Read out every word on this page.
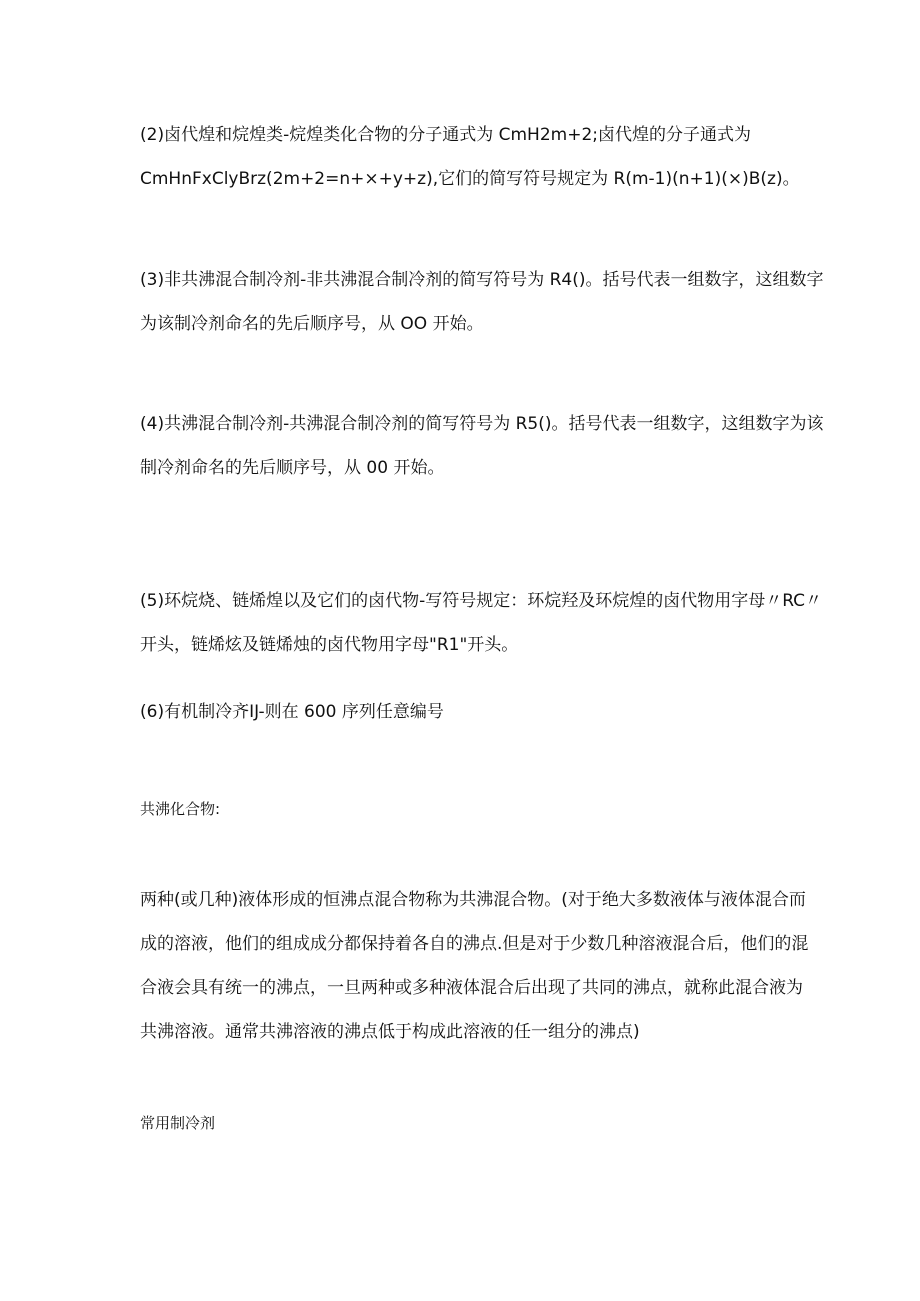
(2)卤代煌和烷煌类-烷煌类化合物的分子通式为 CmH2m+2;卤代煌的分子通式为
CmHnFxClyBrz(2m+2=n+×+y+z),它们的简写符号规定为 R(m-1)(n+1)(×)B(z)。

(3)非共沸混合制冷剂-非共沸混合制冷剂的简写符号为 R4()。括号代表一组数字，这组数字
为该制冷剂命名的先后顺序号，从 OO 开始。

(4)共沸混合制冷剂-共沸混合制冷剂的简写符号为 R5()。括号代表一组数字，这组数字为该
制冷剂命名的先后顺序号，从 00 开始。

(5)环烷烧、链烯煌以及它们的卤代物-写符号规定：环烷羟及环烷煌的卤代物用字母〃RC〃
开头，链烯炫及链烯烛的卤代物用字母"R1"开头。

(6)有机制冷齐IJ-则在 600 序列任意编号

共沸化合物:

两种(或几种)液体形成的恒沸点混合物称为共沸混合物。(对于绝大多数液体与液体混合而
成的溶液，他们的组成成分都保持着各自的沸点.但是对于少数几种溶液混合后，他们的混
合液会具有统一的沸点，一旦两种或多种液体混合后出现了共同的沸点，就称此混合液为
共沸溶液。通常共沸溶液的沸点低于构成此溶液的任一组分的沸点)

常用制冷剂
